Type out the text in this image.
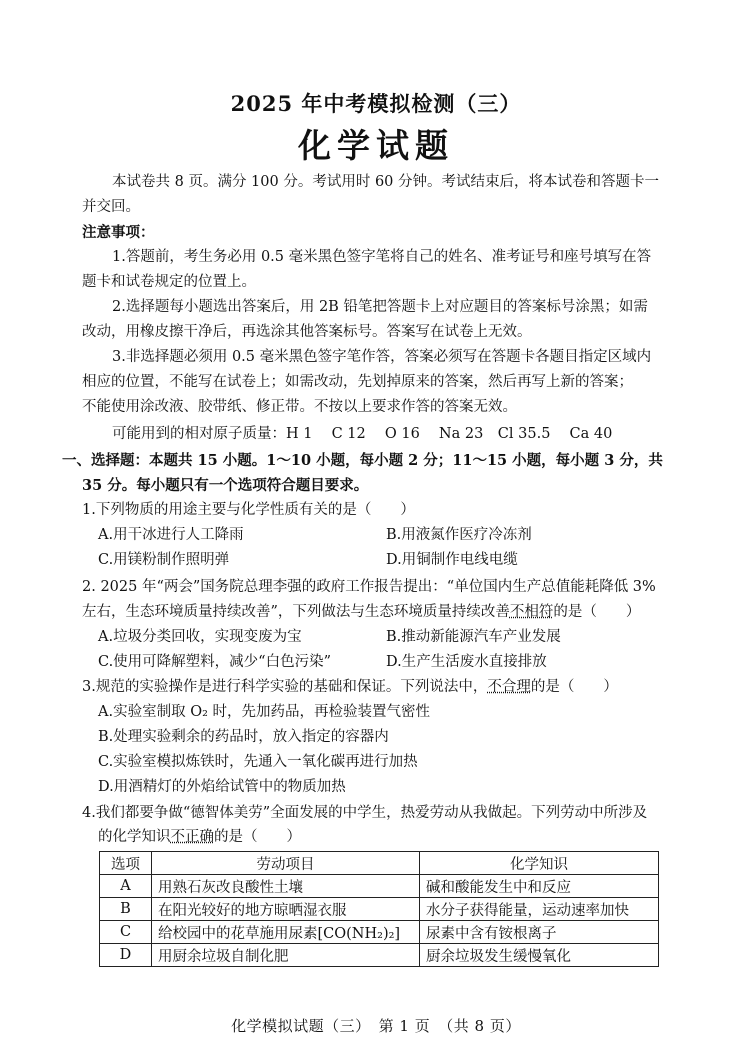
2025 年中考模拟检测（三）
化学试题
本试卷共 8 页。满分 100 分。考试用时 60 分钟。考试结束后，将本试卷和答题卡一
并交回。
注意事项：
1.答题前，考生务必用 0.5 毫米黑色签字笔将自己的姓名、准考证号和座号填写在答
题卡和试卷规定的位置上。
2.选择题每小题选出答案后，用 2B 铅笔把答题卡上对应题目的答案标号涂黑；如需
改动，用橡皮擦干净后，再选涂其他答案标号。答案写在试卷上无效。
3.非选择题必须用 0.5 毫米黑色签字笔作答，答案必须写在答题卡各题目指定区域内
相应的位置，不能写在试卷上；如需改动，先划掉原来的答案，然后再写上新的答案；
不能使用涂改液、胶带纸、修正带。不按以上要求作答的答案无效。
可能用到的相对原子质量：H 1　 C 12　 O 16　 Na 23　Cl 35.5　 Ca 40
一、选择题：本题共 15 小题。1～10 小题，每小题 2 分；11～15 小题，每小题 3 分，共
35 分。每小题只有一个选项符合题目要求。
1.下列物质的用途主要与化学性质有关的是（　　）
A.用干冰进行人工降雨	B.用液氮作医疗冷冻剂
C.用镁粉制作照明弹	D.用铜制作电线电缆
2. 2025 年“两会”国务院总理李强的政府工作报告提出：“单位国内生产总值能耗降低 3%
左右，生态环境质量持续改善”，下列做法与生态环境质量持续改善不相符的是（　　）
A.垃圾分类回收，实现变废为宝	B.推动新能源汽车产业发展
C.使用可降解塑料，减少“白色污染”	D.生产生活废水直接排放
3.规范的实验操作是进行科学实验的基础和保证。下列说法中，不合理的是（　　）
A.实验室制取 O₂ 时，先加药品，再检验装置气密性
B.处理实验剩余的药品时，放入指定的容器内
C.实验室模拟炼铁时，先通入一氧化碳再进行加热
D.用酒精灯的外焰给试管中的物质加热
4.我们都要争做“德智体美劳”全面发展的中学生，热爱劳动从我做起。下列劳动中所涉及
的化学知识不正确的是（　　）
选项	劳动项目	化学知识
A	用熟石灰改良酸性土壤	碱和酸能发生中和反应
B	在阳光较好的地方晾晒湿衣服	水分子获得能量，运动速率加快
C	给校园中的花草施用尿素[CO(NH₂)₂]	尿素中含有铵根离子
D	用厨余垃圾自制化肥	厨余垃圾发生缓慢氧化
化学模拟试题（三）　第 1 页　（共 8 页）
